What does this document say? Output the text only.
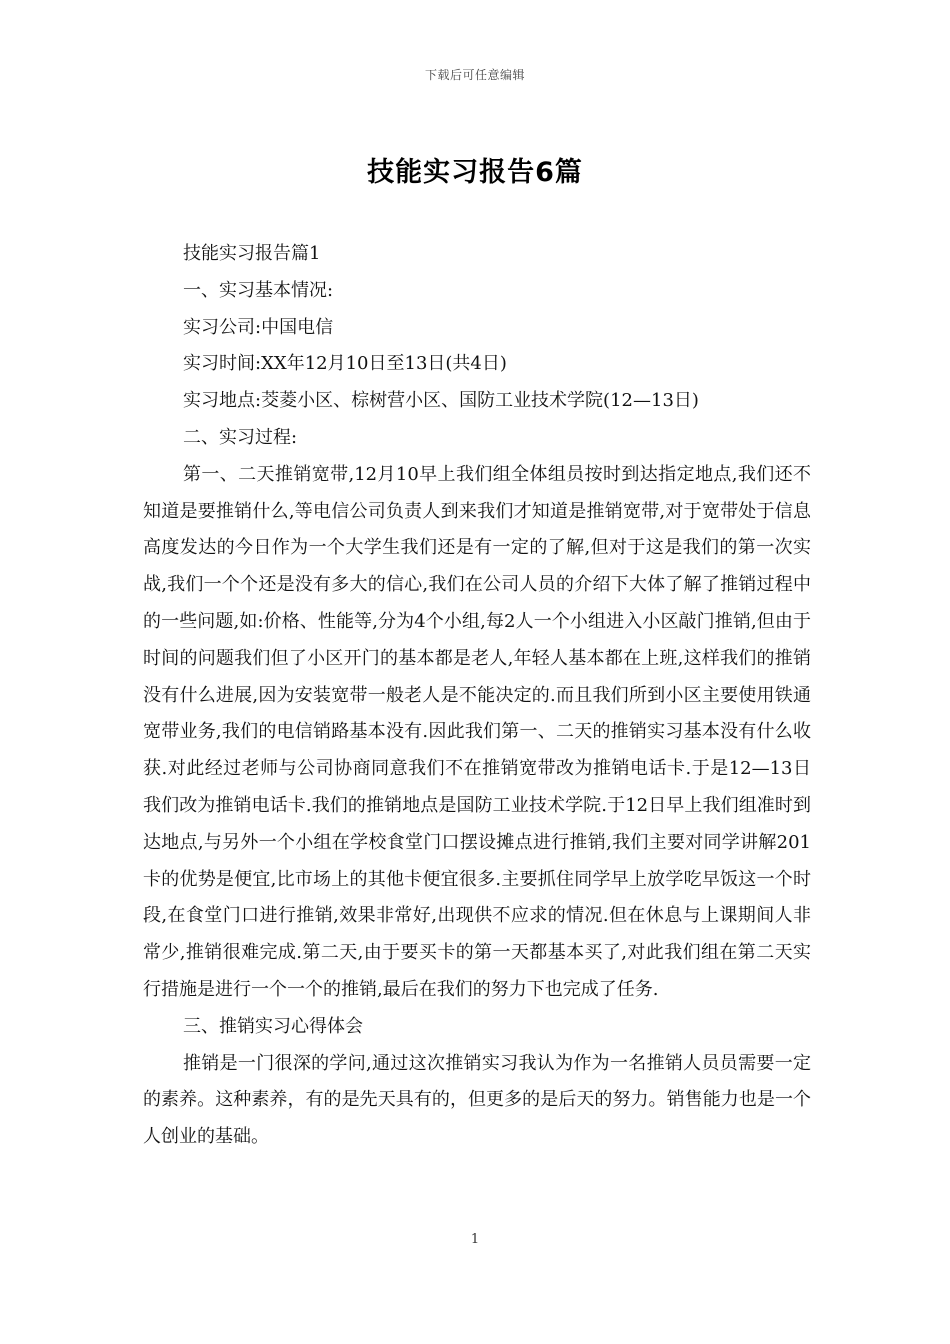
下载后可任意编辑
技能实习报告6篇

技能实习报告篇1

一、实习基本情况:

实习公司:中国电信

实习时间:XX年12月10日至13日(共4日)

实习地点:茭菱小区、棕树营小区、国防工业技术学院(12—13日)

二、实习过程:

第一、二天推销宽带,12月10早上我们组全体组员按时到达指定地点,我们还不知道是要推销什么,等电信公司负责人到来我们才知道是推销宽带,对于宽带处于信息高度发达的今日作为一个大学生我们还是有一定的了解,但对于这是我们的第一次实战,我们一个个还是没有多大的信心,我们在公司人员的介绍下大体了解了推销过程中的一些问题,如:价格、性能等,分为4个小组,每2人一个小组进入小区敲门推销,但由于时间的问题我们但了小区开门的基本都是老人,年轻人基本都在上班,这样我们的推销没有什么进展,因为安装宽带一般老人是不能决定的.而且我们所到小区主要使用铁通宽带业务,我们的电信销路基本没有.因此我们第一、二天的推销实习基本没有什么收获.对此经过老师与公司协商同意我们不在推销宽带改为推销电话卡.于是12—13日我们改为推销电话卡.我们的推销地点是国防工业技术学院.于12日早上我们组准时到达地点,与另外一个小组在学校食堂门口摆设摊点进行推销,我们主要对同学讲解201卡的优势是便宜,比市场上的其他卡便宜很多.主要抓住同学早上放学吃早饭这一个时段,在食堂门口进行推销,效果非常好,出现供不应求的情况.但在休息与上课期间人非常少,推销很难完成.第二天,由于要买卡的第一天都基本买了,对此我们组在第二天实行措施是进行一个一个的推销,最后在我们的努力下也完成了任务.

三、推销实习心得体会

推销是一门很深的学问,通过这次推销实习我认为作为一名推销人员员需要一定的素养。这种素养，有的是先天具有的，但更多的是后天的努力。销售能力也是一个人创业的基础。

1
